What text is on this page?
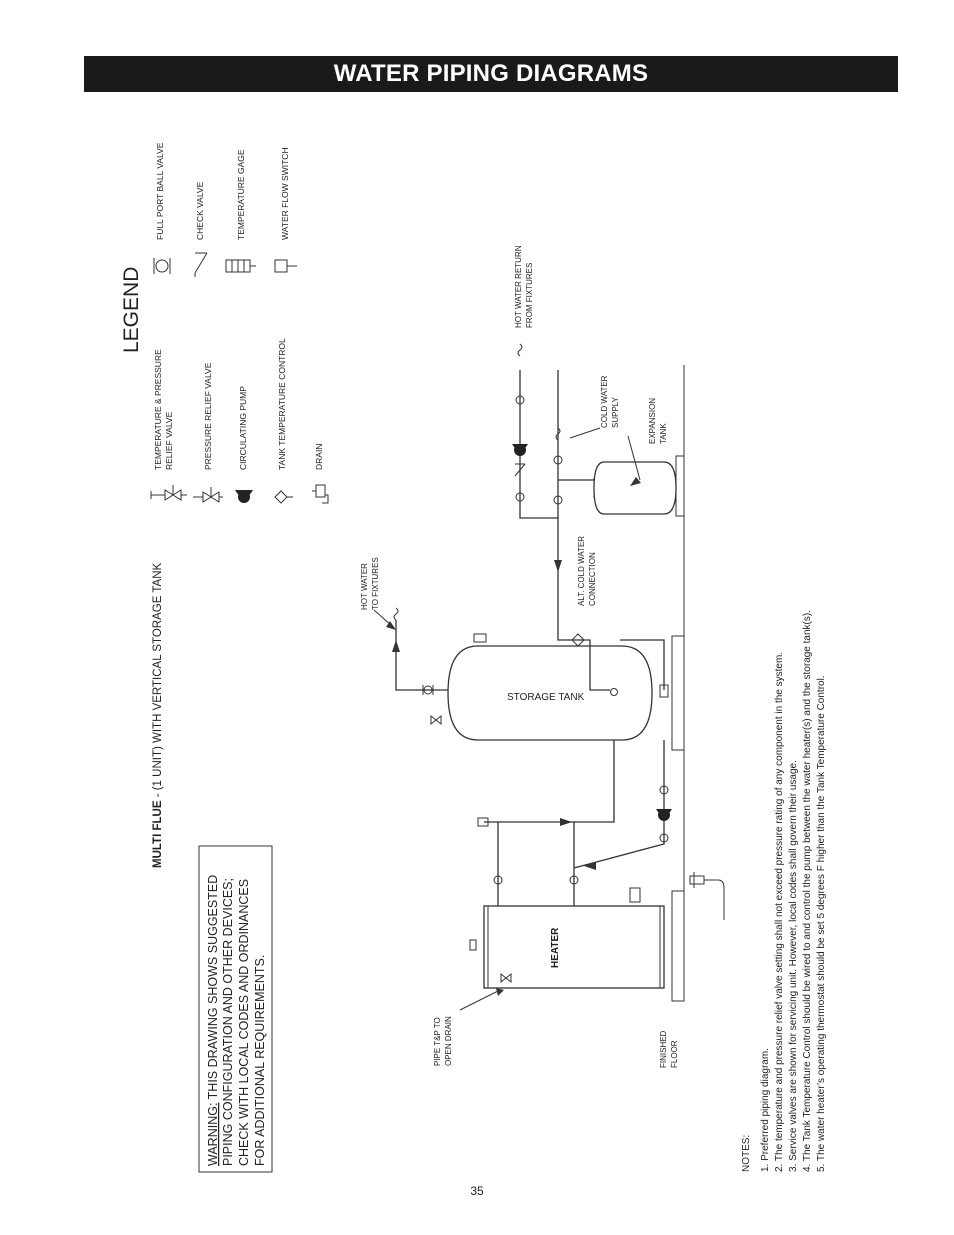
WATER PIPING DIAGRAMS
LEGEND
TEMPERATURE & PRESSURE RELIEF VALVE	PRESSURE RELIEF VALVE	CIRCULATING PUMP	TANK TEMPERATURE CONTROL	DRAIN
FULL PORT BALL VALVE	CHECK VALVE	TEMPERATURE GAGE	WATER FLOW SWITCH
MULTI FLUE - (1 UNIT) WITH VERTICAL STORAGE TANK
WARNING: THIS DRAWING SHOWS SUGGESTED PIPING CONFIGURATION AND OTHER DEVICES; CHECK WITH LOCAL CODES AND ORDINANCES FOR ADDITIONAL REQUIREMENTS.
HEATER
STORAGE TANK
HOT WATER TO FIXTURES	ALT. COLD WATER CONNECTION
HOT WATER RETURN FROM FIXTURES
COLD WATER SUPPLY	EXPANSION TANK
PIPE T&P TO OPEN DRAIN	FINISHED FLOOR
NOTES: 1. Preferred piping diagram. 2. The temperature and pressure relief valve setting shall not exceed pressure rating of any component in the system. 3. Service valves are shown for servicing unit. However, local codes shall govern their usage. 4. The Tank Temperature Control should be wired to and control the pump between the water heater(s) and the storage tank(s). 5. The water heater’s operating thermostat should be set 5 degrees F higher than the Tank Temperature Control.
35
